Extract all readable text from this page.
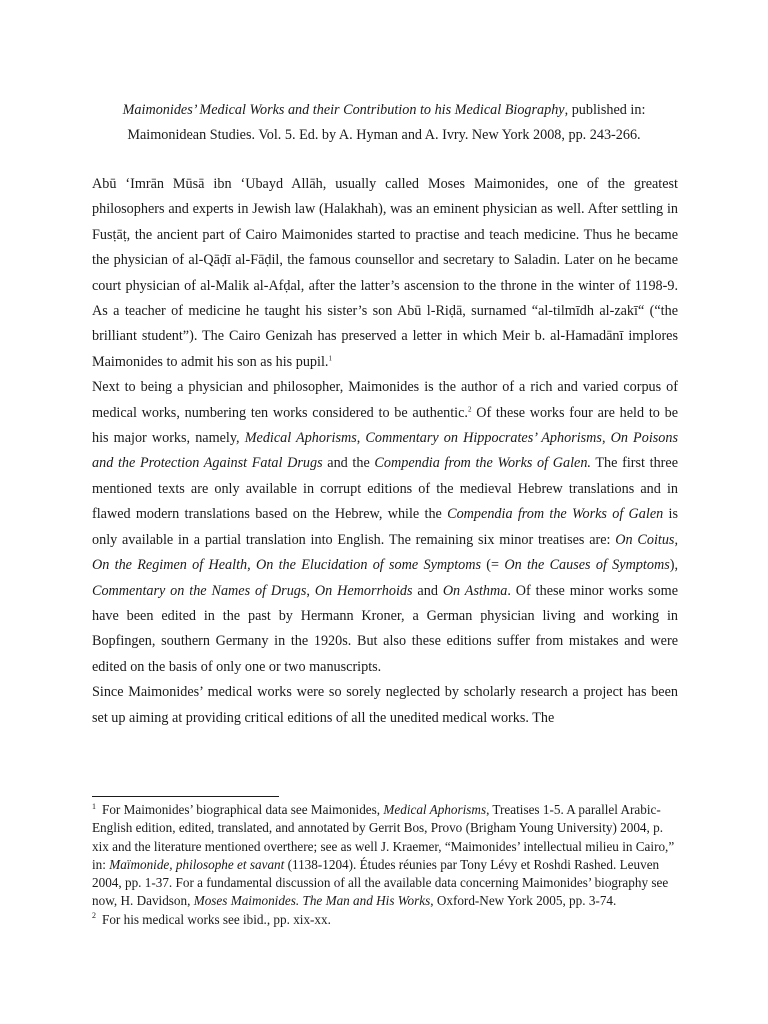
Maimonides’ Medical Works and their Contribution to his Medical Biography, published in:
Maimonidean Studies. Vol. 5. Ed. by A. Hyman and A. Ivry. New York 2008, pp. 243-266.

Abū ‘Imrān Mūsā ibn ‘Ubayd Allāh, usually called Moses Maimonides, one of the greatest philosophers and experts in Jewish law (Halakhah), was an eminent physician as well. After settling in Fusṭāṭ, the ancient part of Cairo Maimonides started to practise and teach medicine. Thus he became the physician of al-Qāḍī al-Fāḍil, the famous counsellor and secretary to Saladin. Later on he became court physician of al-Malik al-Afḍal, after the latter’s ascension to the throne in the winter of 1198-9. As a teacher of medicine he taught his sister’s son Abū l-Riḍā, surnamed “al-tilmīdh al-zakī“ (“the brilliant student”). The Cairo Genizah has preserved a letter in which Meir b. al-Hamadānī implores Maimonides to admit his son as his pupil.$^1$

Next to being a physician and philosopher, Maimonides is the author of a rich and varied corpus of medical works, numbering ten works considered to be authentic.$^2$ Of these works four are held to be his major works, namely, Medical Aphorisms, Commentary on Hippocrates’ Aphorisms, On Poisons and the Protection Against Fatal Drugs and the Compendia from the Works of Galen. The first three mentioned texts are only available in corrupt editions of the medieval Hebrew translations and in flawed modern translations based on the Hebrew, while the Compendia from the Works of Galen is only available in a partial translation into English. The remaining six minor treatises are: On Coitus, On the Regimen of Health, On the Elucidation of some Symptoms (= On the Causes of Symptoms), Commentary on the Names of Drugs, On Hemorrhoids and On Asthma. Of these minor works some have been edited in the past by Hermann Kroner, a German physician living and working in Bopfingen, southern Germany in the 1920s. But also these editions suffer from mistakes and were edited on the basis of only one or two manuscripts.

Since Maimonides’ medical works were so sorely neglected by scholarly research a project has been set up aiming at providing critical editions of all the unedited medical works. The

$^1$ For Maimonides’ biographical data see Maimonides, Medical Aphorisms, Treatises 1-5. A parallel Arabic-English edition, edited, translated, and annotated by Gerrit Bos, Provo (Brigham Young University) 2004, p. xix and the literature mentioned overthere; see as well J. Kraemer, “Maimonides’ intellectual milieu in Cairo,” in: Maïmonide, philosophe et savant (1138-1204). Études réunies par Tony Lévy et Roshdi Rashed. Leuven 2004, pp. 1-37. For a fundamental discussion of all the available data concerning Maimonides’ biography see now, H. Davidson, Moses Maimonides. The Man and His Works, Oxford-New York 2005, pp. 3-74.

$^2$ For his medical works see ibid., pp. xix-xx.
